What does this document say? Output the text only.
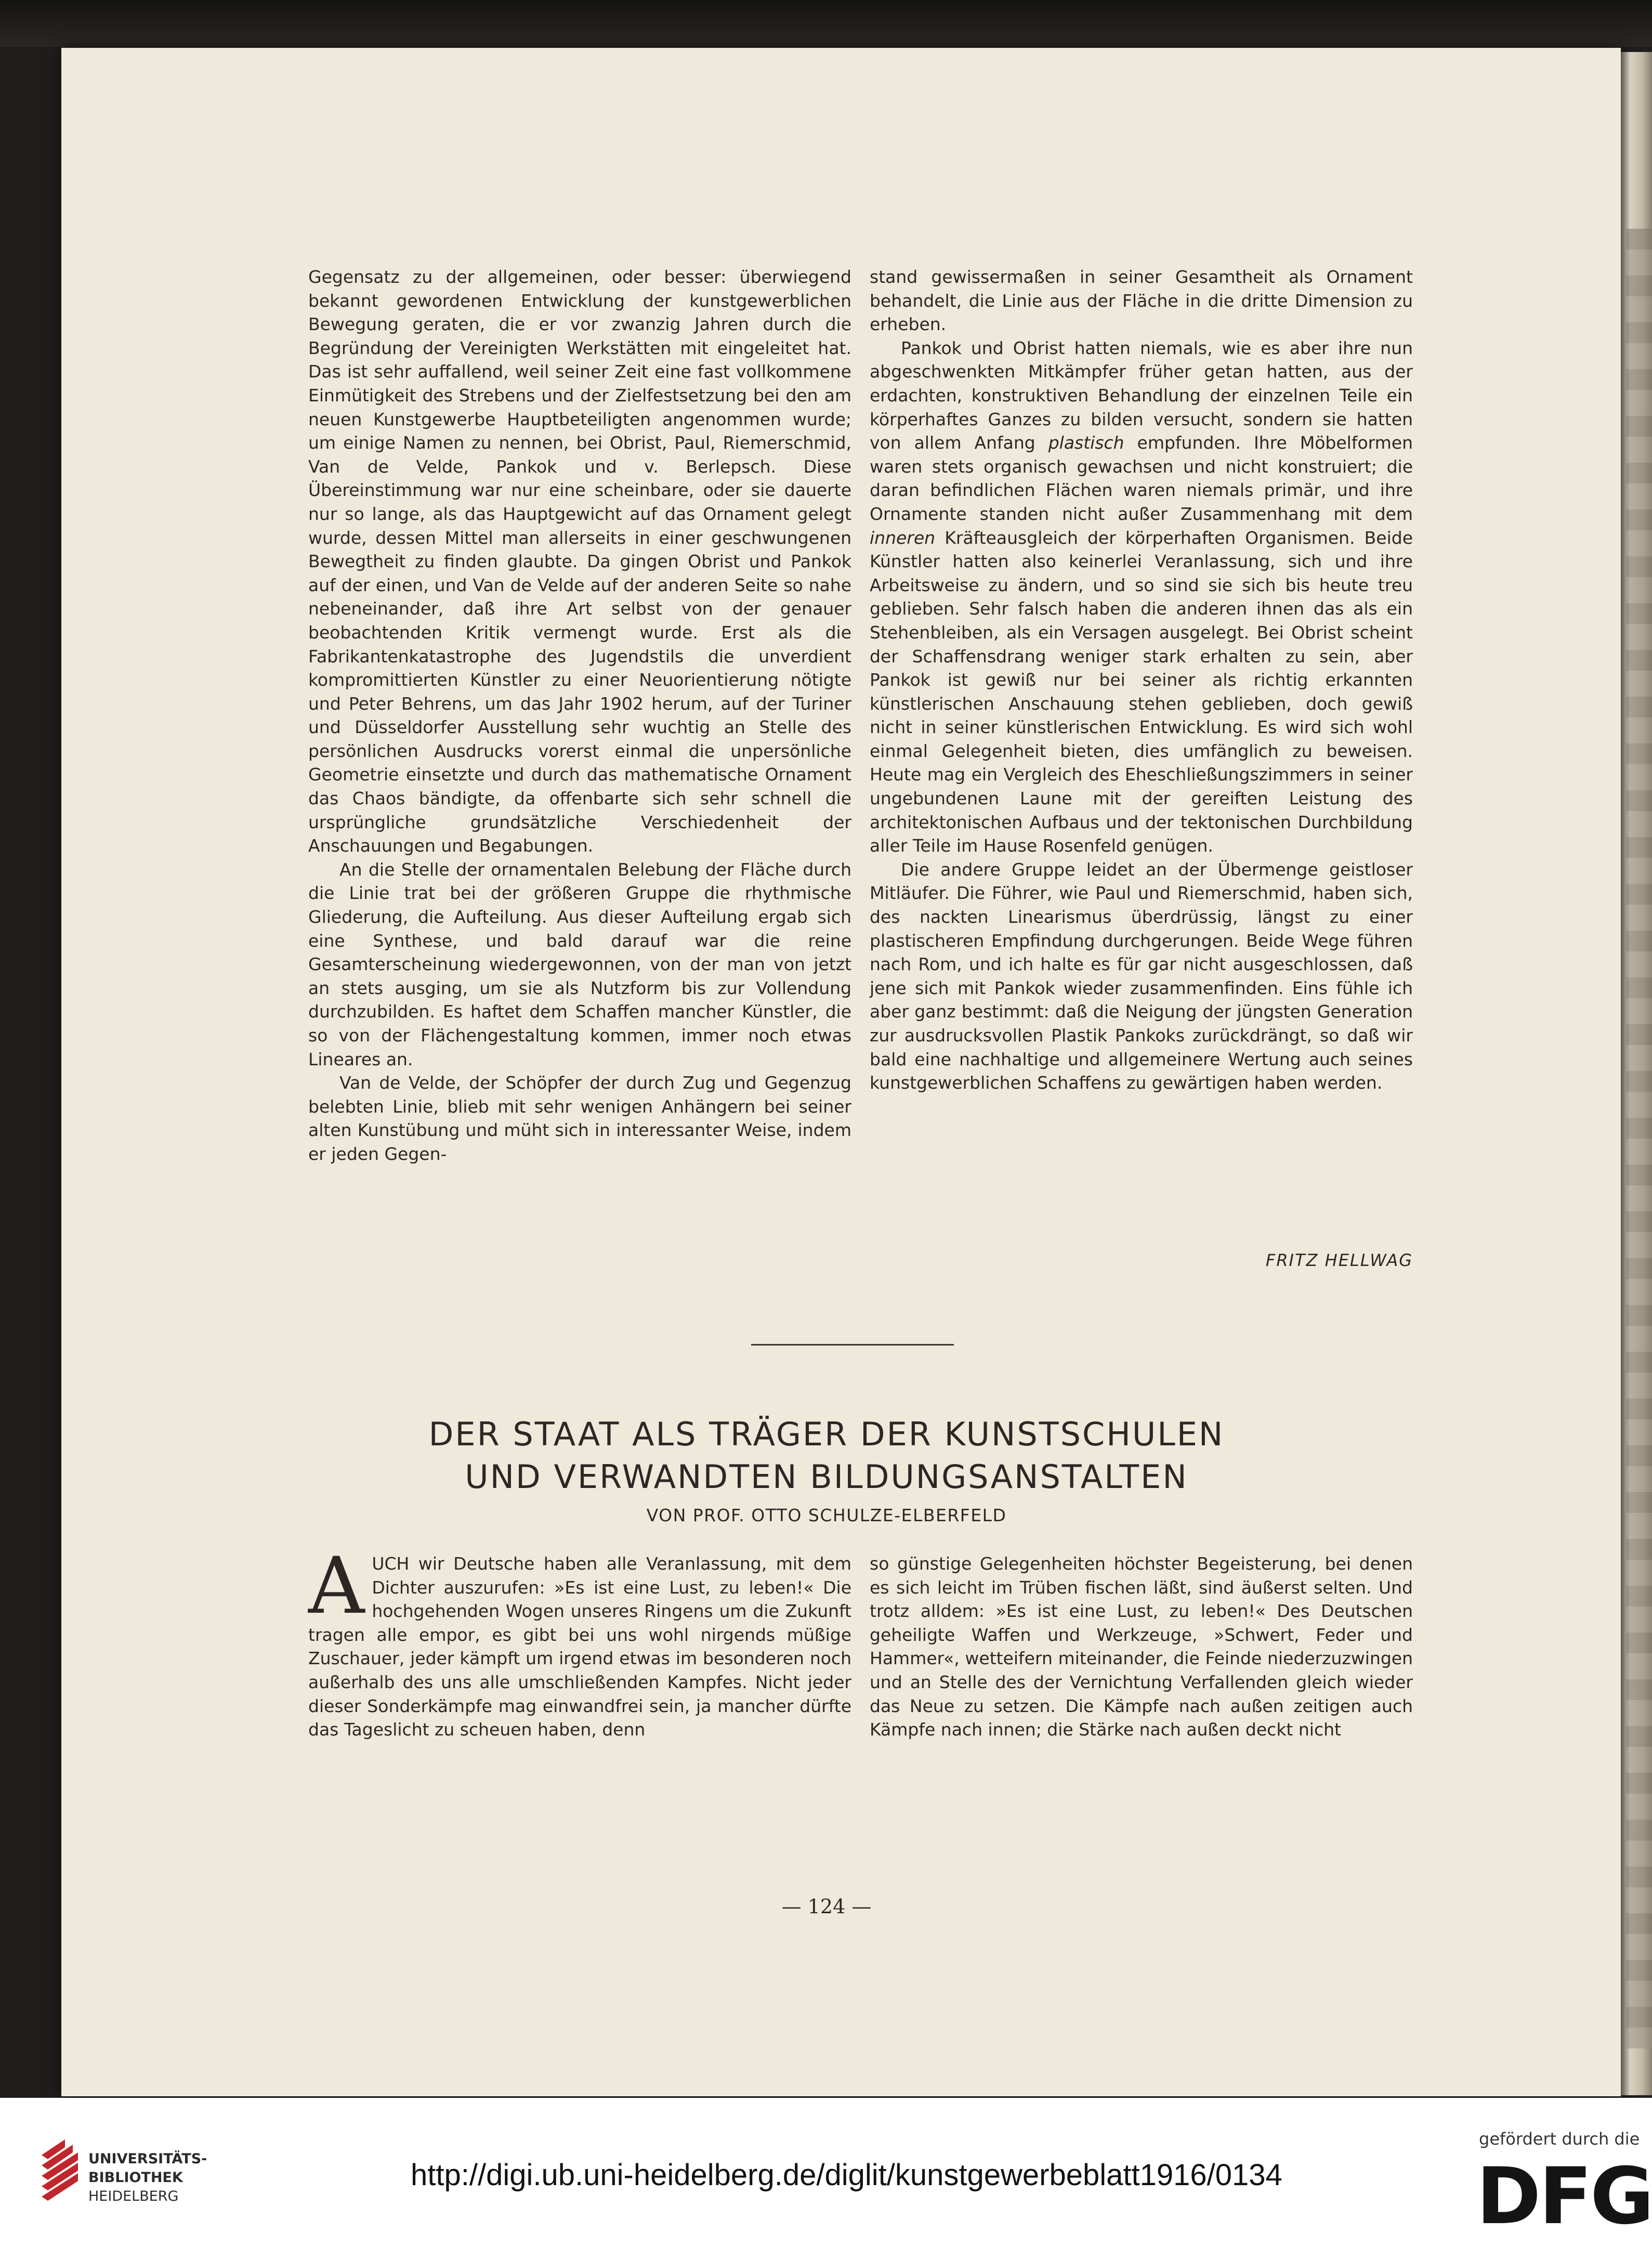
Gegensatz zu der allgemeinen, oder besser: überwiegend bekannt gewordenen Entwicklung der kunstgewerblichen Bewegung geraten, die er vor zwanzig Jahren durch die Begründung der Vereinigten Werkstätten mit eingeleitet hat. Das ist sehr auffallend, weil seiner Zeit eine fast vollkommene Einmütigkeit des Strebens und der Zielfestsetzung bei den am neuen Kunstgewerbe Hauptbeteiligten angenommen wurde; um einige Namen zu nennen, bei Obrist, Paul, Riemerschmid, Van de Velde, Pankok und v. Berlepsch. Diese Übereinstimmung war nur eine scheinbare, oder sie dauerte nur so lange, als das Hauptgewicht auf das Ornament gelegt wurde, dessen Mittel man allerseits in einer geschwungenen Bewegtheit zu finden glaubte. Da gingen Obrist und Pankok auf der einen, und Van de Velde auf der anderen Seite so nahe nebeneinander, daß ihre Art selbst von der genauer beobachtenden Kritik vermengt wurde. Erst als die Fabrikantenkatastrophe des Jugendstils die unverdient kompromittierten Künstler zu einer Neuorientierung nötigte und Peter Behrens, um das Jahr 1902 herum, auf der Turiner und Düsseldorfer Ausstellung sehr wuchtig an Stelle des persönlichen Ausdrucks vorerst einmal die unpersönliche Geometrie einsetzte und durch das mathematische Ornament das Chaos bändigte, da offenbarte sich sehr schnell die ursprüngliche grundsätzliche Verschiedenheit der Anschauungen und Begabungen.

An die Stelle der ornamentalen Belebung der Fläche durch die Linie trat bei der größeren Gruppe die rhythmische Gliederung, die Aufteilung. Aus dieser Aufteilung ergab sich eine Synthese, und bald darauf war die reine Gesamterscheinung wiedergewonnen, von der man von jetzt an stets ausging, um sie als Nutzform bis zur Vollendung durchzubilden. Es haftet dem Schaffen mancher Künstler, die so von der Flächengestaltung kommen, immer noch etwas Lineares an.

Van de Velde, der Schöpfer der durch Zug und Gegenzug belebten Linie, blieb mit sehr wenigen Anhängern bei seiner alten Kunstübung und müht sich in interessanter Weise, indem er jeden Gegen-

stand gewissermaßen in seiner Gesamtheit als Ornament behandelt, die Linie aus der Fläche in die dritte Dimension zu erheben.

Pankok und Obrist hatten niemals, wie es aber ihre nun abgeschwenkten Mitkämpfer früher getan hatten, aus der erdachten, konstruktiven Behandlung der einzelnen Teile ein körperhaftes Ganzes zu bilden versucht, sondern sie hatten von allem Anfang plastisch empfunden. Ihre Möbelformen waren stets organisch gewachsen und nicht konstruiert; die daran befindlichen Flächen waren niemals primär, und ihre Ornamente standen nicht außer Zusammenhang mit dem inneren Kräfteausgleich der körperhaften Organismen. Beide Künstler hatten also keinerlei Veranlassung, sich und ihre Arbeitsweise zu ändern, und so sind sie sich bis heute treu geblieben. Sehr falsch haben die anderen ihnen das als ein Stehenbleiben, als ein Versagen ausgelegt. Bei Obrist scheint der Schaffensdrang weniger stark erhalten zu sein, aber Pankok ist gewiß nur bei seiner als richtig erkannten künstlerischen Anschauung stehen geblieben, doch gewiß nicht in seiner künstlerischen Entwicklung. Es wird sich wohl einmal Gelegenheit bieten, dies umfänglich zu beweisen. Heute mag ein Vergleich des Eheschließungszimmers in seiner ungebundenen Laune mit der gereiften Leistung des architektonischen Aufbaus und der tektonischen Durchbildung aller Teile im Hause Rosenfeld genügen.

Die andere Gruppe leidet an der Übermenge geistloser Mitläufer. Die Führer, wie Paul und Riemerschmid, haben sich, des nackten Linearismus überdrüssig, längst zu einer plastischeren Empfindung durchgerungen. Beide Wege führen nach Rom, und ich halte es für gar nicht ausgeschlossen, daß jene sich mit Pankok wieder zusammenfinden. Eins fühle ich aber ganz bestimmt: daß die Neigung der jüngsten Generation zur ausdrucksvollen Plastik Pankoks zurückdrängt, so daß wir bald eine nachhaltige und allgemeinere Wertung auch seines kunstgewerblichen Schaffens zu gewärtigen haben werden.

FRITZ HELLWAG
DER STAAT ALS TRÄGER DER KUNSTSCHULEN
UND VERWANDTEN BILDUNGSANSTALTEN
VON PROF. OTTO SCHULZE-ELBERFELD

AUCH wir Deutsche haben alle Veranlassung, mit dem Dichter auszurufen: »Es ist eine Lust, zu leben!« Die hochgehenden Wogen unseres Ringens um die Zukunft tragen alle empor, es gibt bei uns wohl nirgends müßige Zuschauer, jeder kämpft um irgend etwas im besonderen noch außerhalb des uns alle umschließenden Kampfes. Nicht jeder dieser Sonderkämpfe mag einwandfrei sein, ja mancher dürfte das Tageslicht zu scheuen haben, denn

so günstige Gelegenheiten höchster Begeisterung, bei denen es sich leicht im Trüben fischen läßt, sind äußerst selten. Und trotz alldem: »Es ist eine Lust, zu leben!« Des Deutschen geheiligte Waffen und Werkzeuge, »Schwert, Feder und Hammer«, wetteifern miteinander, die Feinde niederzuzwingen und an Stelle des der Vernichtung Verfallenden gleich wieder das Neue zu setzen. Die Kämpfe nach außen zeitigen auch Kämpfe nach innen; die Stärke nach außen deckt nicht

— 124 —
UNIVERSITÄTS-
BIBLIOTHEK
HEIDELBERG
http://digi.ub.uni-heidelberg.de/diglit/kunstgewerbeblatt1916/0134
gefördert durch die
DFG
